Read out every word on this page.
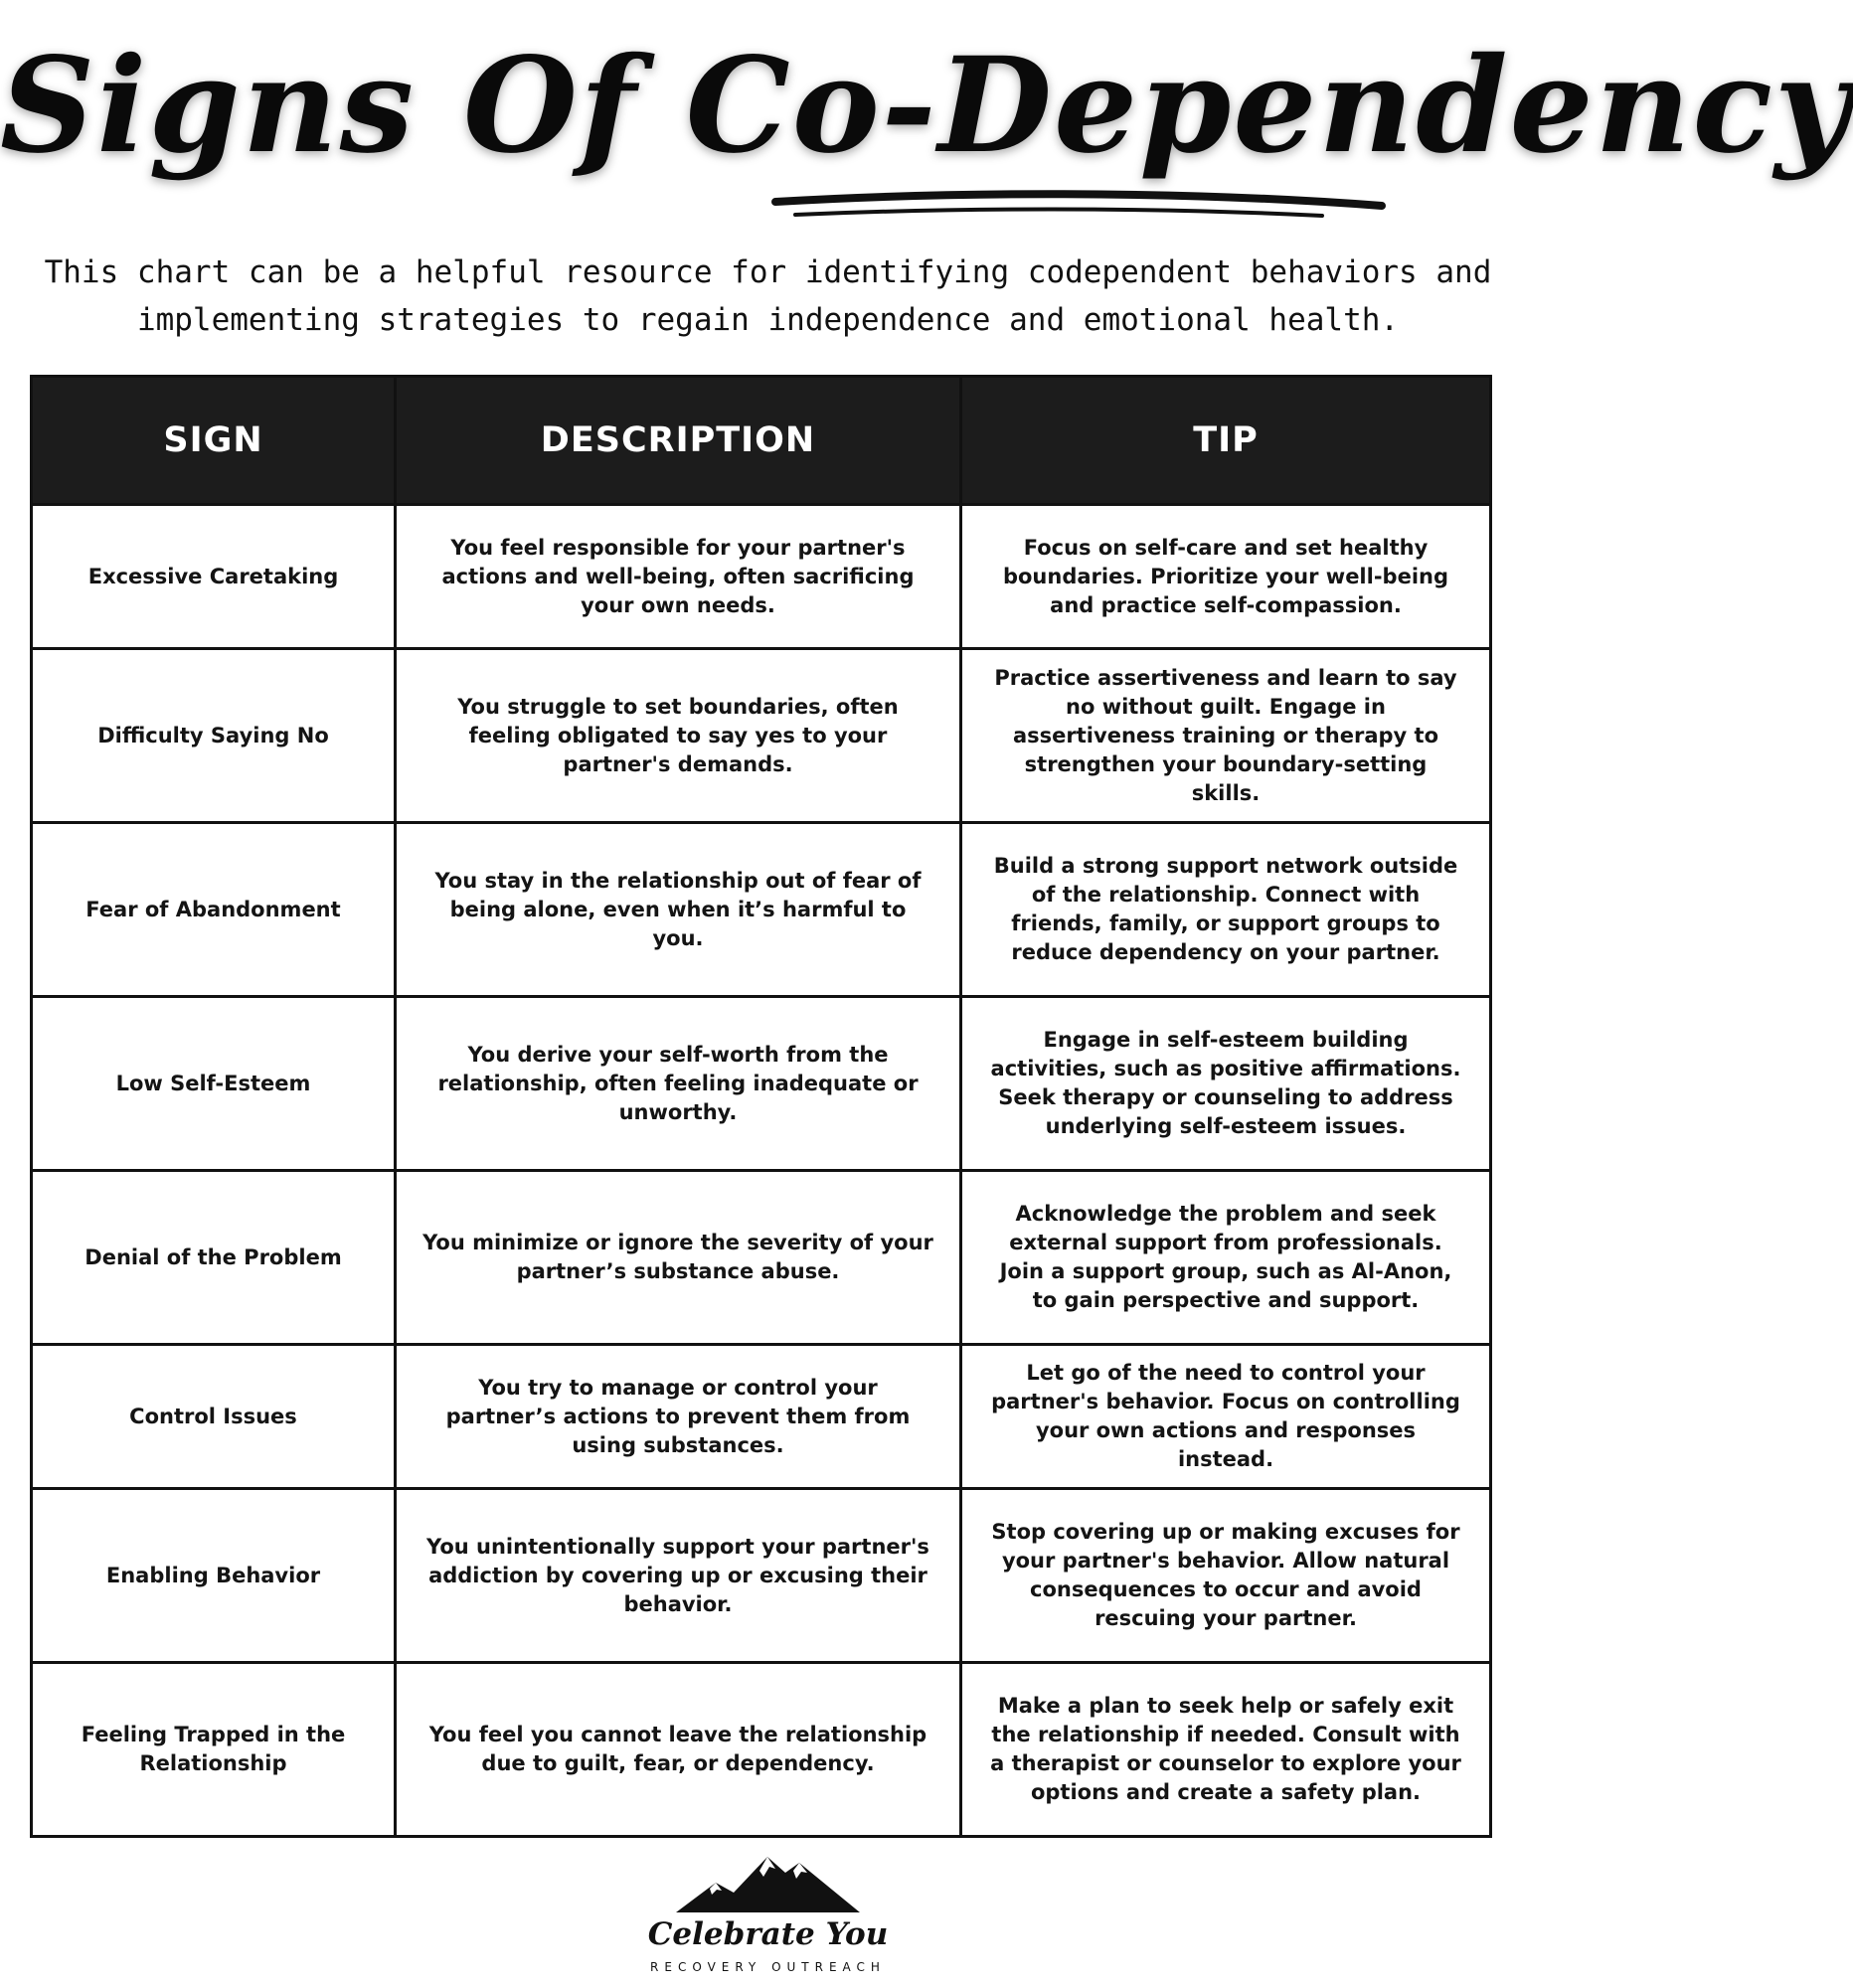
Signs Of Co-Dependency
This chart can be a helpful resource for identifying codependent behaviors and implementing strategies to regain independence and emotional health.
SIGN	DESCRIPTION	TIP
Excessive Caretaking	You feel responsible for your partner's actions and well-being, often sacrificing your own needs.	Focus on self-care and set healthy boundaries. Prioritize your well-being and practice self-compassion.
Difficulty Saying No	You struggle to set boundaries, often feeling obligated to say yes to your partner's demands.	Practice assertiveness and learn to say no without guilt. Engage in assertiveness training or therapy to strengthen your boundary-setting skills.
Fear of Abandonment	You stay in the relationship out of fear of being alone, even when it’s harmful to you.	Build a strong support network outside of the relationship. Connect with friends, family, or support groups to reduce dependency on your partner.
Low Self-Esteem	You derive your self-worth from the relationship, often feeling inadequate or unworthy.	Engage in self-esteem building activities, such as positive affirmations. Seek therapy or counseling to address underlying self-esteem issues.
Denial of the Problem	You minimize or ignore the severity of your partner’s substance abuse.	Acknowledge the problem and seek external support from professionals. Join a support group, such as Al-Anon, to gain perspective and support.
Control Issues	You try to manage or control your partner’s actions to prevent them from using substances.	Let go of the need to control your partner's behavior. Focus on controlling your own actions and responses instead.
Enabling Behavior	You unintentionally support your partner's addiction by covering up or excusing their behavior.	Stop covering up or making excuses for your partner's behavior. Allow natural consequences to occur and avoid rescuing your partner.
Feeling Trapped in the Relationship	You feel you cannot leave the relationship due to guilt, fear, or dependency.	Make a plan to seek help or safely exit the relationship if needed. Consult with a therapist or counselor to explore your options and create a safety plan.
Celebrate You
RECOVERY OUTREACH
